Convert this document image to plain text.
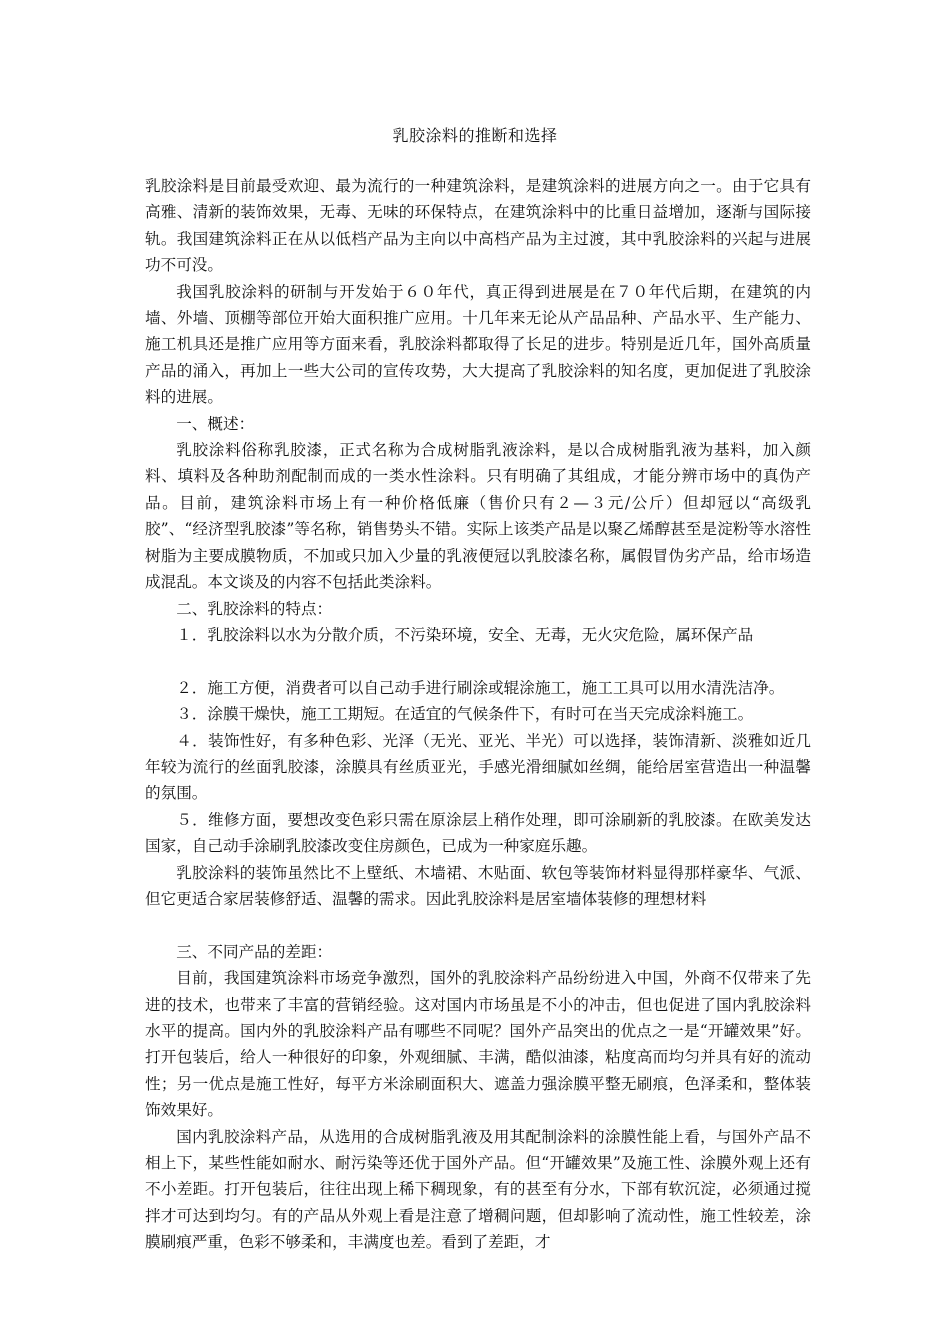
乳胶涂料的推断和选择

乳胶涂料是目前最受欢迎、最为流行的一种建筑涂料，是建筑涂料的进展方向之一。由于它具有高雅、清新的装饰效果，无毒、无味的环保特点，在建筑涂料中的比重日益增加，逐渐与国际接轨。我国建筑涂料正在从以低档产品为主向以中高档产品为主过渡，其中乳胶涂料的兴起与进展功不可没。

我国乳胶涂料的研制与开发始于６０年代，真正得到进展是在７０年代后期，在建筑的内墙、外墙、顶棚等部位开始大面积推广应用。十几年来无论从产品品种、产品水平、生产能力、施工机具还是推广应用等方面来看，乳胶涂料都取得了长足的进步。特别是近几年，国外高质量产品的涌入，再加上一些大公司的宣传攻势，大大提高了乳胶涂料的知名度，更加促进了乳胶涂料的进展。

一、概述：

乳胶涂料俗称乳胶漆，正式名称为合成树脂乳液涂料，是以合成树脂乳液为基料，加入颜料、填料及各种助剂配制而成的一类水性涂料。只有明确了其组成，才能分辨市场中的真伪产品。目前，建筑涂料市场上有一种价格低廉（售价只有２—３元/公斤）但却冠以“高级乳胶”、“经济型乳胶漆”等名称，销售势头不错。实际上该类产品是以聚乙烯醇甚至是淀粉等水溶性树脂为主要成膜物质，不加或只加入少量的乳液便冠以乳胶漆名称，属假冒伪劣产品，给市场造成混乱。本文谈及的内容不包括此类涂料。

二、乳胶涂料的特点：

１．乳胶涂料以水为分散介质，不污染环境，安全、无毒，无火灾危险，属环保产品

２．施工方便，消费者可以自己动手进行刷涂或辊涂施工，施工工具可以用水清洗洁净。

３．涂膜干燥快，施工工期短。在适宜的气候条件下，有时可在当天完成涂料施工。

４．装饰性好，有多种色彩、光泽（无光、亚光、半光）可以选择，装饰清新、淡雅如近几年较为流行的丝面乳胶漆，涂膜具有丝质亚光，手感光滑细腻如丝绸，能给居室营造出一种温馨的氛围。

５．维修方面，要想改变色彩只需在原涂层上稍作处理，即可涂刷新的乳胶漆。在欧美发达国家，自己动手涂刷乳胶漆改变住房颜色，已成为一种家庭乐趣。

乳胶涂料的装饰虽然比不上壁纸、木墙裙、木贴面、软包等装饰材料显得那样豪华、气派、但它更适合家居装修舒适、温馨的需求。因此乳胶涂料是居室墙体装修的理想材料

三、不同产品的差距：

目前，我国建筑涂料市场竞争激烈，国外的乳胶涂料产品纷纷进入中国，外商不仅带来了先进的技术，也带来了丰富的营销经验。这对国内市场虽是不小的冲击，但也促进了国内乳胶涂料水平的提高。国内外的乳胶涂料产品有哪些不同呢？国外产品突出的优点之一是“开罐效果”好。打开包装后，给人一种很好的印象，外观细腻、丰满，酷似油漆，粘度高而均匀并具有好的流动性；另一优点是施工性好，每平方米涂刷面积大、遮盖力强涂膜平整无刷痕，色泽柔和，整体装饰效果好。

国内乳胶涂料产品，从选用的合成树脂乳液及用其配制涂料的涂膜性能上看，与国外产品不相上下，某些性能如耐水、耐污染等还优于国外产品。但“开罐效果”及施工性、涂膜外观上还有不小差距。打开包装后，往往出现上稀下稠现象，有的甚至有分水，下部有软沉淀，必须通过搅拌才可达到均匀。有的产品从外观上看是注意了增稠问题，但却影响了流动性，施工性较差，涂膜刷痕严重，色彩不够柔和，丰满度也差。看到了差距，才
